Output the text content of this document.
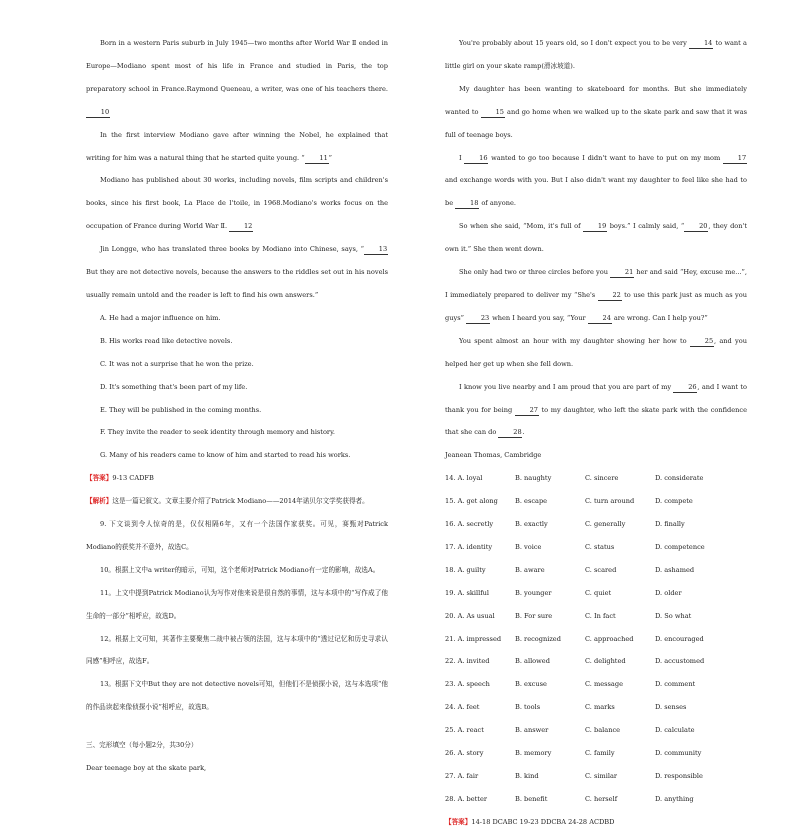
Born in a western Paris suburb in July 1945—two months after World War Ⅱ ended in Europe—Modiano spent most of his life in France and studied in Paris, the top preparatory school in France.Raymond Queneau, a writer, was one of his teachers there. 10
In the first interview Modiano gave after winning the Nobel, he explained that writing for him was a natural thing that he started quite young. “ 11”
Modiano has published about 30 works, including novels, film scripts and children's books, since his first book, La Place de l'toile, in 1968.Modiano's works focus on the occupation of France during World War Ⅱ.	12
Jin Longge, who has translated three books by Modiano into Chinese, says, “ 13 But they are not detective novels, because the answers to the riddles set out in his novels usually remain untold and the reader is left to find his own answers.”
A. He had a major influence on him.
B. His works read like detective novels.
C. It was not a surprise that he won the prize.
D. It's something that's been part of my life.
E. They will be published in the coming months.
F. They invite the reader to seek identity through memory and history.
G. Many of his readers came to know of him and started to read his works.
【答案】9-13 CADFB
【解析】这是一篇记叙文。文章主要介绍了Patrick Modiano——2014年诺贝尔文学奖获得者。
9. 下文谈到令人惊奇的是，仅仅相隔6年，又有一个法国作家获奖。可见，赛甄对Patrick Modiano的获奖并不意外，故选C。
10。根据上文中a writer的暗示，可知，这个老师对Patrick Modiano有一定的影响，故选A。
11。上文中提到Patrick Modiano认为写作对他来说是很自然的事情，这与本项中的“写作成了他生命的一部分”相呼应，故选D。
12。根据上文可知，其著作主要聚焦二战中被占领的法国，这与本项中的“透过记忆和历史寻求认同感”相呼应，故选F。
13。根据下文中But they are not detective novels可知，但他们不是侦探小说，这与本选项“他的作品读起来像侦探小说”相呼应，故选B。
三、完形填空（每小题2分，共30分）
Dear teenage boy at the skate park,
You're probably about 15 years old, so I don't expect you to be very 14 to want a little girl on your skate ramp(滑冰坡道).
My daughter has been wanting to skateboard for months. But she immediately wanted to 15 and go home when we walked up to the skate park and saw that it was full of teenage boys.
I 16 wanted to go too because I didn't want to have to put on my mom 17 and exchange words with you. But I also didn't want my daughter to feel like she had to be 18 of anyone.
So when she said, “Mom, it's full of 19 boys.” I calmly said, “ 20, they don't own it.” She then went down.
She only had two or three circles before you 21 her and said “Hey, excuse me...”, I immediately prepared to deliver my “She's 22 to use this park just as much as you guys” 23 when I heard you say, “Your 24 are wrong. Can I help you?”
You spent almost an hour with my daughter showing her how to 25, and you helped her get up when she fell down.
I know you live nearby and I am proud that you are part of my 26, and I want to thank you for being 27 to my daughter, who left the skate park with the confidence that she can do 28.
Jeanean Thomas, Cambridge
14. A. loyal	B. naughty	C. sincere	D. considerate
15. A. get along	B. escape	C. turn around	D. compete
16. A. secretly	B. exactly	C. generally	D. finally
17. A. identity	B. voice	C. status	D. competence
18. A. guilty	B. aware	C. scared	D. ashamed
19. A. skillful	B. younger	C. quiet	D. older
20. A. As usual	B. For sure	C. In fact	D. So what
21. A. impressed	B. recognized	C. approached	D. encouraged
22. A. invited	B. allowed	C. delighted	D. accustomed
23. A. speech	B. excuse	C. message	D. comment
24. A. feet	B. tools	C. marks	D. senses
25. A. react	B. answer	C. balance	D. calculate
26. A. story	B. memory	C. family	D. community
27. A. fair	B. kind	C. similar	D. responsible
28. A. better	B. benefit	C. herself	D. anything
【答案】14-18 DCABC 19-23 DDCBA 24-28 ACDBD
